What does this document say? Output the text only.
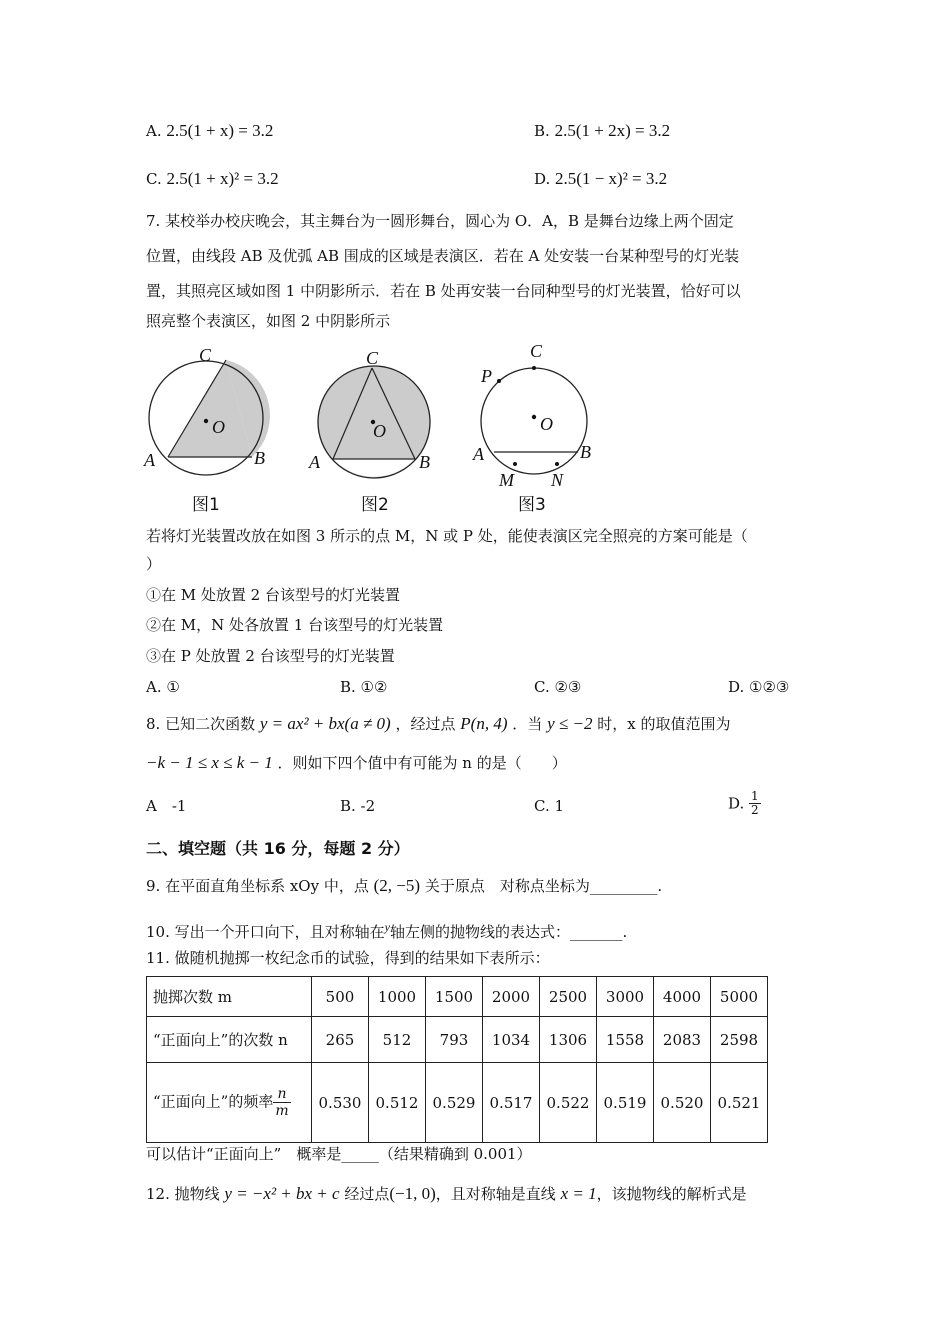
A. 2.5(1 + x) = 3.2	B. 2.5(1 + 2x) = 3.2
C. 2.5(1 + x)² = 3.2	D. 2.5(1 − x)² = 3.2
7. 某校举办校庆晚会，其主舞台为一圆形舞台，圆心为 O．A，B 是舞台边缘上两个固定
位置，由线段 AB 及优弧 AB 围成的区域是表演区．若在 A 处安装一台某种型号的灯光装
置，其照亮区域如图 1 中阴影所示．若在 B 处再安装一台同种型号的灯光装置，恰好可以
照亮整个表演区，如图 2 中阴影所示
C
O
A	B
图1
C
O
A	B
图2
C
P
O
A	B
M N
图3
若将灯光装置改放在如图 3 所示的点 M，N 或 P 处，能使表演区完全照亮的方案可能是（
）
①在 M 处放置 2 台该型号的灯光装置
②在 M，N 处各放置 1 台该型号的灯光装置
③在 P 处放置 2 台该型号的灯光装置
A. ①	B. ①②	C. ②③	D. ①②③
8. 已知二次函数 y = ax² + bx(a ≠ 0) ，经过点 P(n, 4) ．当 y ≤ −2 时，x 的取值范围为
−k − 1 ≤ x ≤ k − 1 ．则如下四个值中有可能为 n 的是（　　）
A　-1	B. -2	C. 1	D. $\frac{1}{2}$
二、填空题（共 16 分，每题 2 分）
9. 在平面直角坐标系 xOy 中，点 (2, −5) 关于原点　对称点坐标为_________.
10. 写出一个开口向下，且对称轴在$^y$轴左侧的抛物线的表达式：_______.
11. 做随机抛掷一枚纪念币的试验，得到的结果如下表所示：
抛掷次数 m	500	1000	1500	2000	2500	3000	4000	5000
“正面向上”的次数 n	265	512	793	1034	1306	1558	2083	2598
“正面向上”的频率 $\frac{n}{m}$	0.530	0.512	0.529	0.517	0.522	0.519	0.520	0.521
可以估计“正面向上”　概率是_____（结果精确到 0.001）
12. 抛物线 y = −x² + bx + c 经过点(−1, 0)，且对称轴是直线 x = 1，该抛物线的解析式是
